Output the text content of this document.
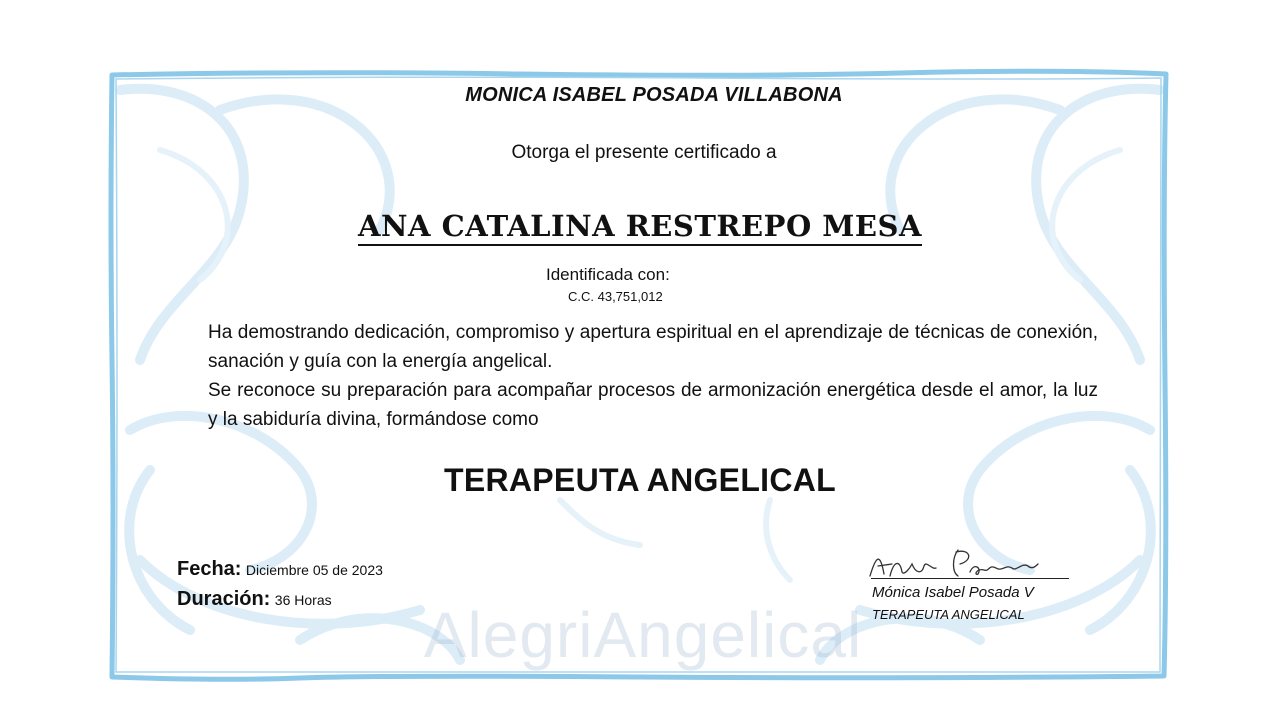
AlegriAngelical
MONICA ISABEL POSADA VILLABONA
Otorga el presente certificado a
ANA CATALINA RESTREPO MESA
Identificada con:
C.C. 43,751,012

Ha demostrando dedicación, compromiso y apertura espiritual en el aprendizaje de técnicas de conexión, sanación y guía con la energía angelical.

Se reconoce su preparación para acompañar procesos de armonización energética desde el amor, la luz y la sabiduría divina, formándose como

TERAPEUTA ANGELICAL
Fecha: Diciembre 05 de 2023
Duración: 36 Horas	Mónica Isabel Posada V
TERAPEUTA ANGELICAL
